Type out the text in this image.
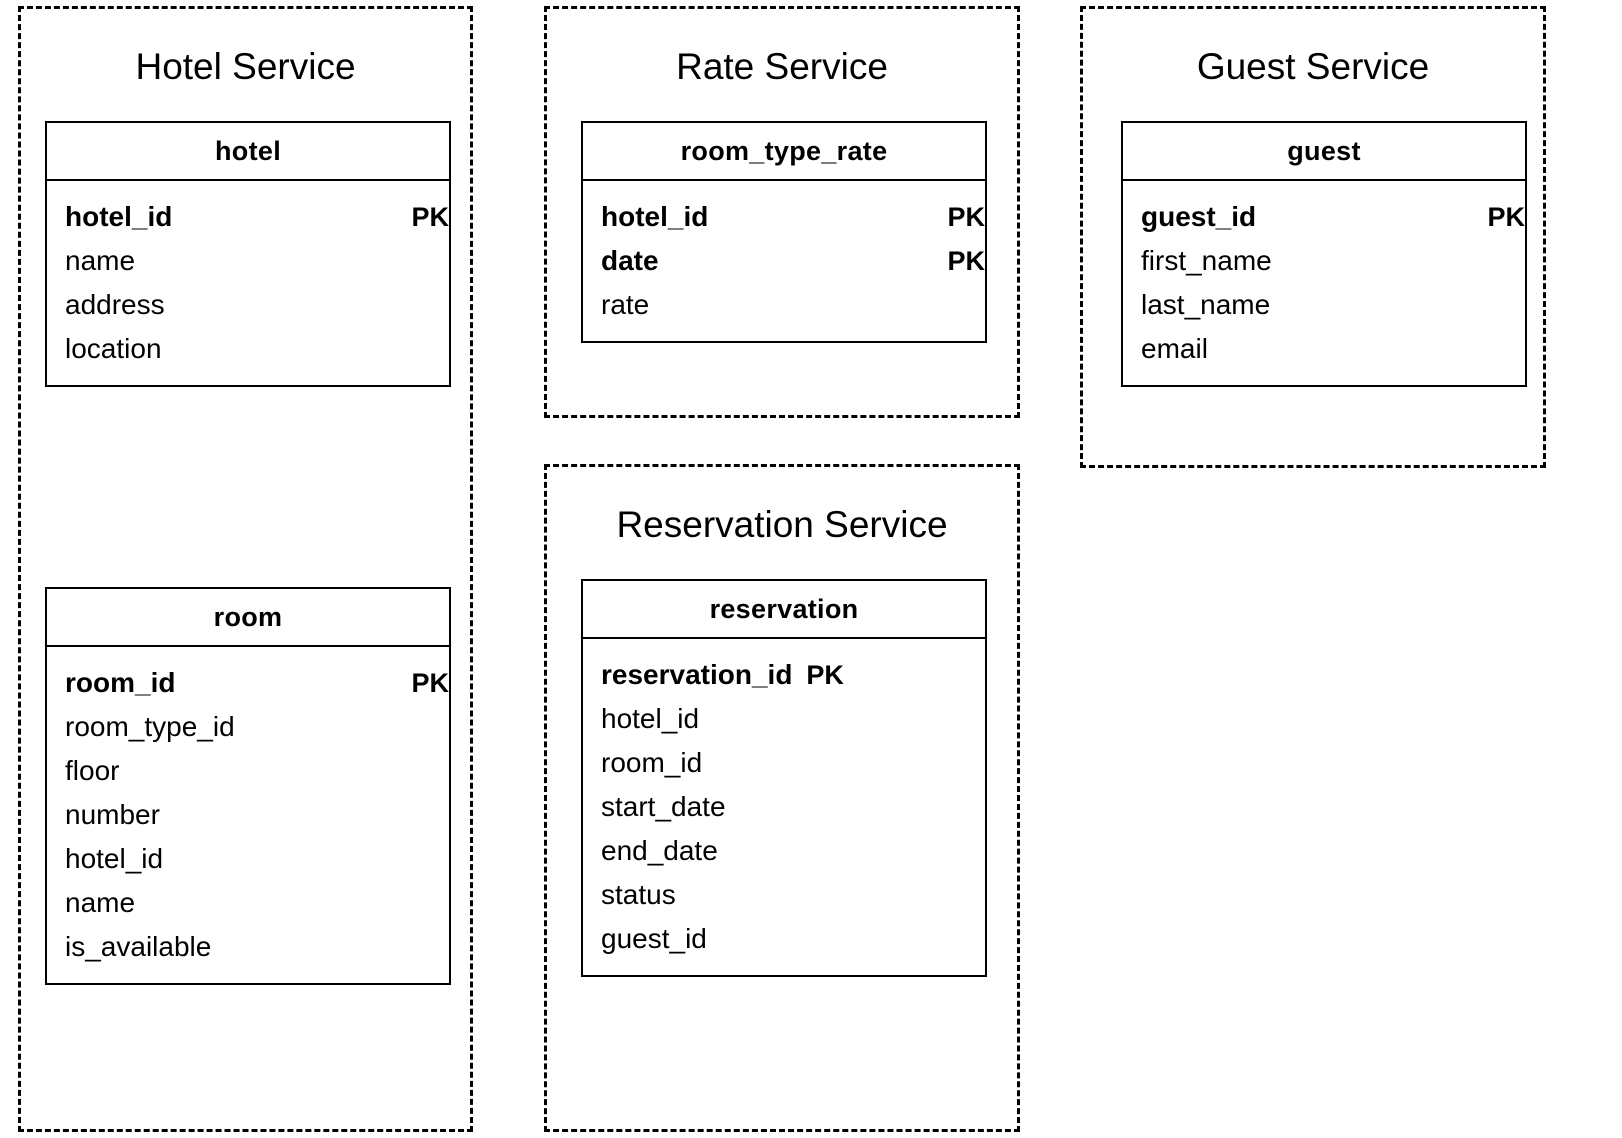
Hotel Service
hotel
hotel_id	PK
name
address
location
room
room_id	PK
room_type_id
floor
number
hotel_id
name
is_available
Rate Service
room_type_rate
hotel_id	PK
date	PK
rate
Guest Service
guest
guest_id	PK
first_name
last_name
email
Reservation Service
reservation
reservation_id PK
hotel_id
room_id
start_date
end_date
status
guest_id
